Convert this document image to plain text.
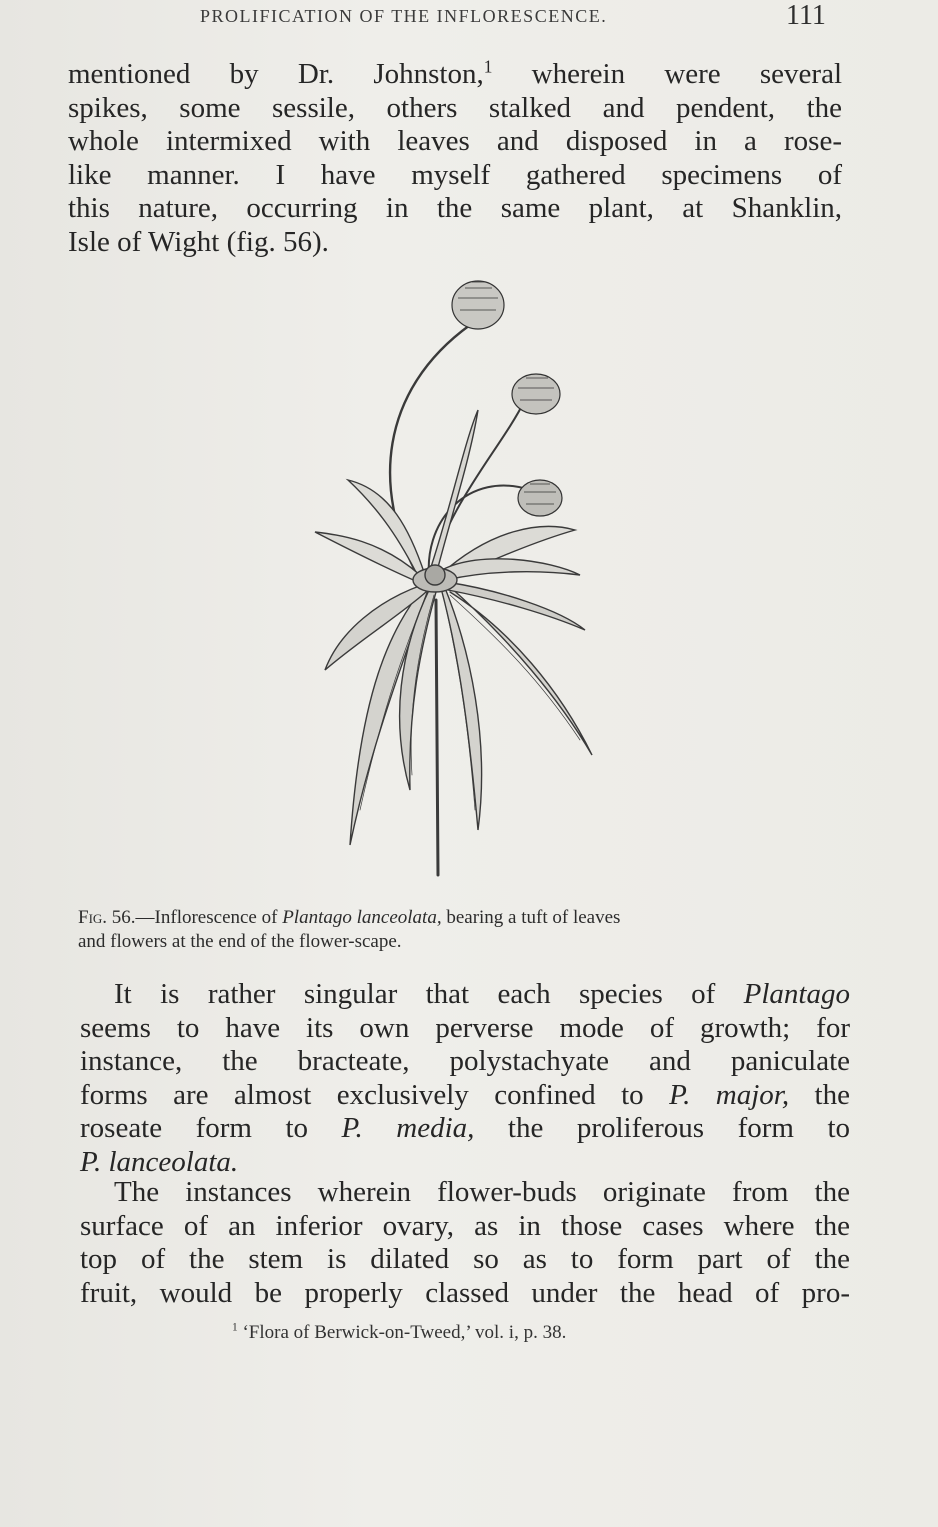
PROLIFICATION OF THE INFLORESCENCE.	111
mentioned by Dr. Johnston,$^1$ wherein were several
spikes, some sessile, others stalked and pendent, the
whole intermixed with leaves and disposed in a rose-
like manner. I have myself gathered specimens of
this nature, occurring in the same plant, at Shanklin,
Isle of Wight (fig. 56).
Fig. 56.—Inflorescence of Plantago lanceolata, bearing a tuft of leaves
and flowers at the end of the flower-scape.
It is rather singular that each species of Plantago
seems to have its own perverse mode of growth; for
instance, the bracteate, polystachyate and paniculate
forms are almost exclusively confined to P. major, the
roseate form to P. media, the proliferous form to
P. lanceolata.
The instances wherein flower-buds originate from the
surface of an inferior ovary, as in those cases where the
top of the stem is dilated so as to form part of the
fruit, would be properly classed under the head of pro-
$^1$ ‘Flora of Berwick-on-Tweed,’ vol. i, p. 38.
